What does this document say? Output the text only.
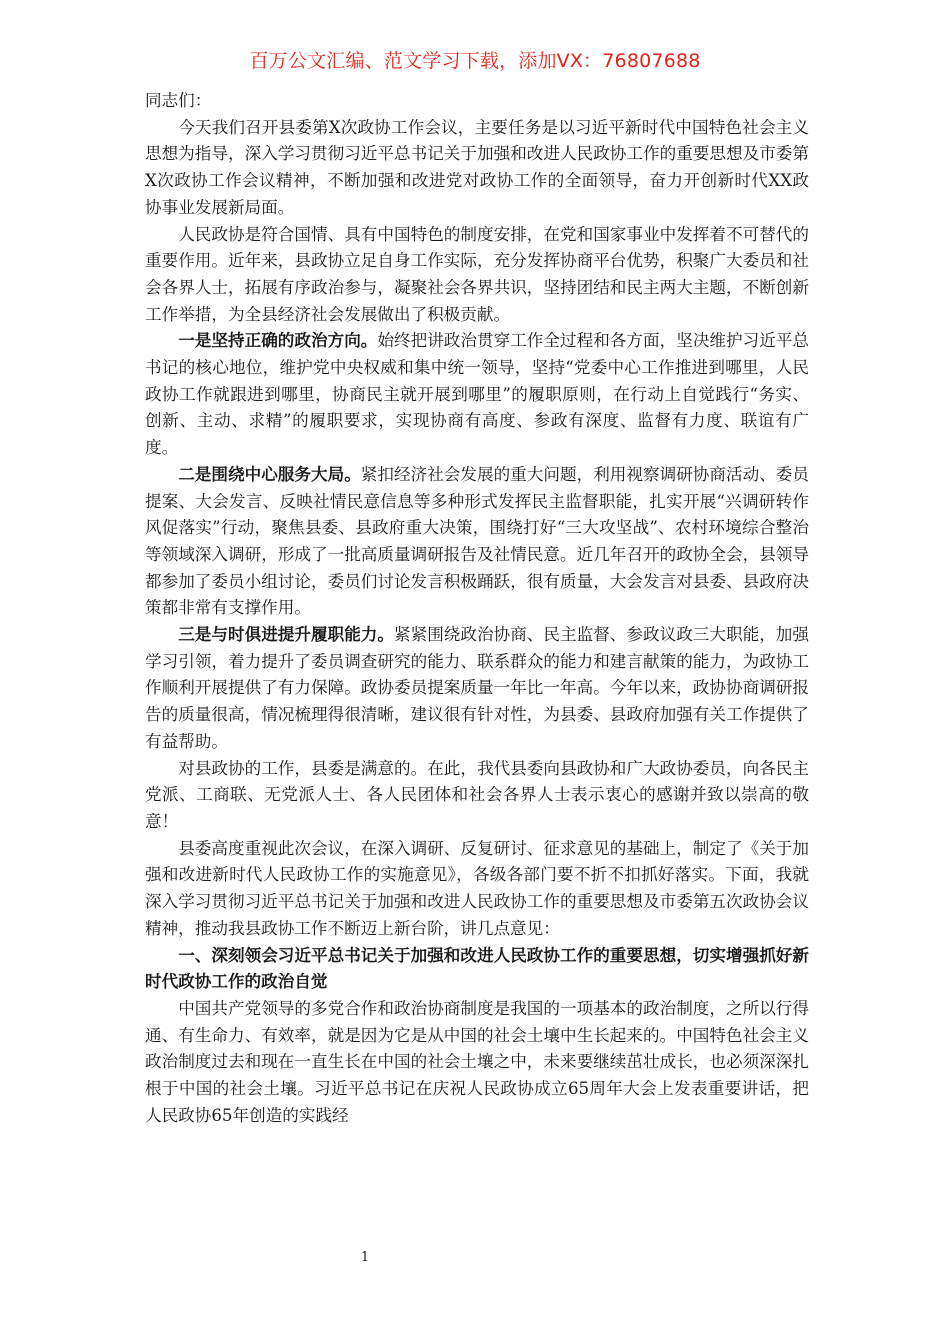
百万公文汇编、范文学习下载，添加VX：76807688

同志们：

今天我们召开县委第X次政协工作会议，主要任务是以习近平新时代中国特色社会主义思想为指导，深入学习贯彻习近平总书记关于加强和改进人民政协工作的重要思想及市委第X次政协工作会议精神，不断加强和改进党对政协工作的全面领导，奋力开创新时代XX政协事业发展新局面。

人民政协是符合国情、具有中国特色的制度安排，在党和国家事业中发挥着不可替代的重要作用。近年来，县政协立足自身工作实际，充分发挥协商平台优势，积聚广大委员和社会各界人士，拓展有序政治参与，凝聚社会各界共识，坚持团结和民主两大主题，不断创新工作举措，为全县经济社会发展做出了积极贡献。

一是坚持正确的政治方向。始终把讲政治贯穿工作全过程和各方面，坚决维护习近平总书记的核心地位，维护党中央权威和集中统一领导，坚持“党委中心工作推进到哪里，人民政协工作就跟进到哪里，协商民主就开展到哪里”的履职原则，在行动上自觉践行“务实、创新、主动、求精”的履职要求，实现协商有高度、参政有深度、监督有力度、联谊有广度。

二是围绕中心服务大局。紧扣经济社会发展的重大问题，利用视察调研协商活动、委员提案、大会发言、反映社情民意信息等多种形式发挥民主监督职能，扎实开展“兴调研转作风促落实”行动，聚焦县委、县政府重大决策，围绕打好“三大攻坚战”、农村环境综合整治等领域深入调研，形成了一批高质量调研报告及社情民意。近几年召开的政协全会，县领导都参加了委员小组讨论，委员们讨论发言积极踊跃，很有质量，大会发言对县委、县政府决策都非常有支撑作用。

三是与时俱进提升履职能力。紧紧围绕政治协商、民主监督、参政议政三大职能，加强学习引领，着力提升了委员调查研究的能力、联系群众的能力和建言献策的能力，为政协工作顺利开展提供了有力保障。政协委员提案质量一年比一年高。今年以来，政协协商调研报告的质量很高，情况梳理得很清晰，建议很有针对性，为县委、县政府加强有关工作提供了有益帮助。

对县政协的工作，县委是满意的。在此，我代县委向县政协和广大政协委员，向各民主党派、工商联、无党派人士、各人民团体和社会各界人士表示衷心的感谢并致以崇高的敬意！

县委高度重视此次会议，在深入调研、反复研讨、征求意见的基础上，制定了《关于加强和改进新时代人民政协工作的实施意见》，各级各部门要不折不扣抓好落实。下面，我就深入学习贯彻习近平总书记关于加强和改进人民政协工作的重要思想及市委第五次政协会议精神，推动我县政协工作不断迈上新台阶，讲几点意见：

一、深刻领会习近平总书记关于加强和改进人民政协工作的重要思想，切实增强抓好新时代政协工作的政治自觉

中国共产党领导的多党合作和政治协商制度是我国的一项基本的政治制度，之所以行得通、有生命力、有效率，就是因为它是从中国的社会土壤中生长起来的。中国特色社会主义政治制度过去和现在一直生长在中国的社会土壤之中，未来要继续茁壮成长，也必须深深扎根于中国的社会土壤。习近平总书记在庆祝人民政协成立65周年大会上发表重要讲话，把人民政协65年创造的实践经

1
